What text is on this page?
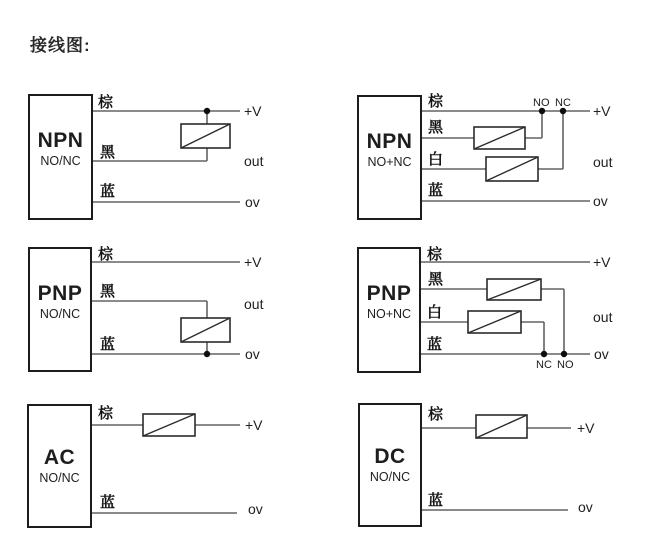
接线图:
NPN
NO/NC
棕
黑
蓝
+V
out
ov
NPN
NO+NC
棕
黑
白
蓝
NO NC +V
out
ov
PNP
NO/NC
棕
黑
蓝
+V
out
ov
PNP
NO+NC
棕
黑
白
蓝
NC NO
+V
out
ov
AC
NO/NC
棕
蓝
+V
ov
DC
NO/NC
棕
蓝
+V
ov
